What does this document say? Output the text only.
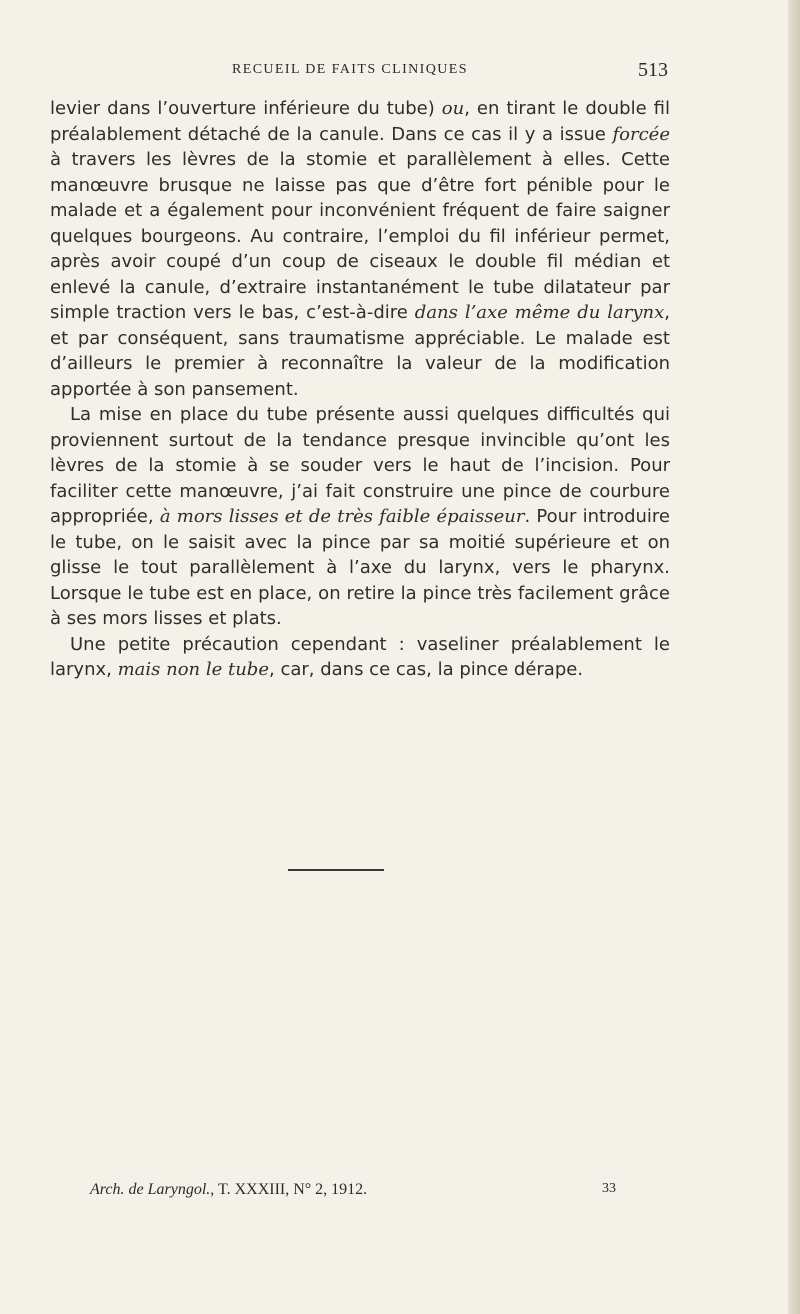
RECUEIL DE FAITS CLINIQUES	513

levier dans l’ouverture inférieure du tube) ou, en tirant le double fil préalablement détaché de la canule. Dans ce cas il y a issue forcée à travers les lèvres de la stomie et parallèlement à elles. Cette manœuvre brusque ne laisse pas que d’être fort pénible pour le malade et a également pour inconvénient fréquent de faire saigner quelques bourgeons. Au contraire, l’emploi du fil inférieur permet, après avoir coupé d’un coup de ciseaux le double fil médian et enlevé la canule, d’extraire instantanément le tube dilatateur par simple traction vers le bas, c’est-à-dire dans l’axe même du larynx, et par conséquent, sans traumatisme appréciable. Le malade est d’ailleurs le premier à reconnaître la valeur de la modification apportée à son pansement.

La mise en place du tube présente aussi quelques difficultés qui proviennent surtout de la tendance presque invincible qu’ont les lèvres de la stomie à se souder vers le haut de l’incision. Pour faciliter cette manœuvre, j’ai fait construire une pince de courbure appropriée, à mors lisses et de très faible épaisseur. Pour introduire le tube, on le saisit avec la pince par sa moitié supérieure et on glisse le tout parallèlement à l’axe du larynx, vers le pharynx. Lorsque le tube est en place, on retire la pince très facilement grâce à ses mors lisses et plats.

Une petite précaution cependant : vaseliner préalablement le larynx, mais non le tube, car, dans ce cas, la pince dérape.

Arch. de Laryngol., T. XXXIII, N° 2, 1912.	33
